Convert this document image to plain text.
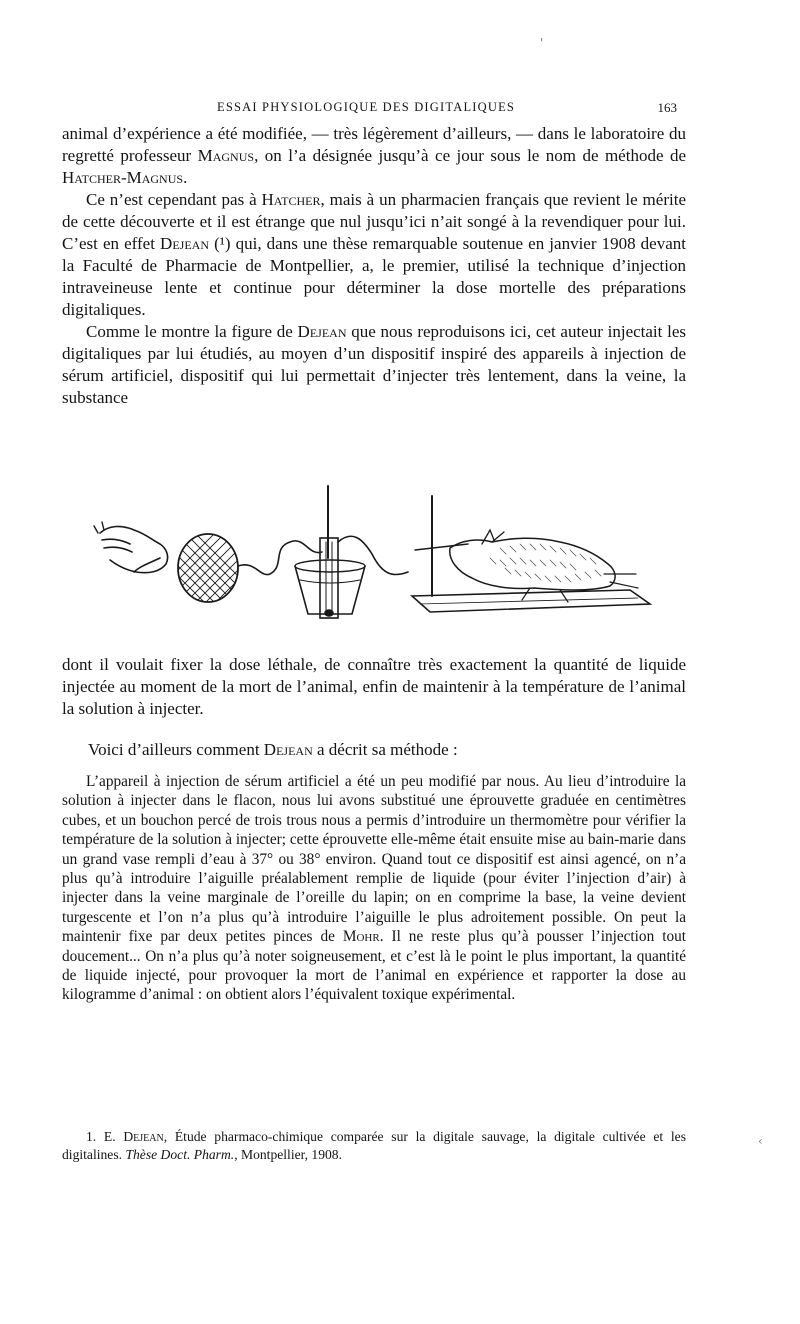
ESSAI PHYSIOLOGIQUE DES DIGITALIQUES	163
animal d’expérience a été modifiée, — très légèrement d’ailleurs, — dans le laboratoire du regretté professeur Magnus, on l’a désignée jusqu’à ce jour sous le nom de méthode de Hatcher-Magnus.
Ce n’est cependant pas à Hatcher, mais à un pharmacien français que revient le mérite de cette découverte et il est étrange que nul jusqu’ici n’ait songé à la revendiquer pour lui. C’est en effet Dejean (¹) qui, dans une thèse remarquable soutenue en janvier 1908 devant la Faculté de Pharmacie de Montpellier, a, le premier, utilisé la technique d’injection intraveineuse lente et continue pour déterminer la dose mortelle des préparations digitaliques.
Comme le montre la figure de Dejean que nous reproduisons ici, cet auteur injectait les digitaliques par lui étudiés, au moyen d’un dispositif inspiré des appareils à injection de sérum artificiel, dispositif qui lui permettait d’injecter très lentement, dans la veine, la substance
dont il voulait fixer la dose léthale, de connaître très exactement la quantité de liquide injectée au moment de la mort de l’animal, enfin de maintenir à la température de l’animal la solution à injecter.

Voici d’ailleurs comment Dejean a décrit sa méthode :

L’appareil à injection de sérum artificiel a été un peu modifié par nous. Au lieu d’introduire la solution à injecter dans le flacon, nous lui avons substitué une éprouvette graduée en centimètres cubes, et un bouchon percé de trois trous nous a permis d’introduire un thermomètre pour vérifier la température de la solution à injecter; cette éprouvette elle-même était ensuite mise au bain-marie dans un grand vase rempli d’eau à 37° ou 38° environ. Quand tout ce dispositif est ainsi agencé, on n’a plus qu’à introduire l’aiguille préalablement remplie de liquide (pour éviter l’injection d’air) à injecter dans la veine marginale de l’oreille du lapin; on en comprime la base, la veine devient turgescente et l’on n’a plus qu’à introduire l’aiguille le plus adroitement possible. On peut la maintenir fixe par deux petites pinces de Mohr. Il ne reste plus qu’à pousser l’injection tout doucement... On n’a plus qu’à noter soigneusement, et c’est là le point le plus important, la quantité de liquide injecté, pour provoquer la mort de l’animal en expérience et rapporter la dose au kilogramme d’animal : on obtient alors l’équivalent toxique expérimental.

1. E. Dejean, Étude pharmaco-chimique comparée sur la digitale sauvage, la digitale cultivée et les digitalines. Thèse Doct. Pharm., Montpellier, 1908.

'
‹
